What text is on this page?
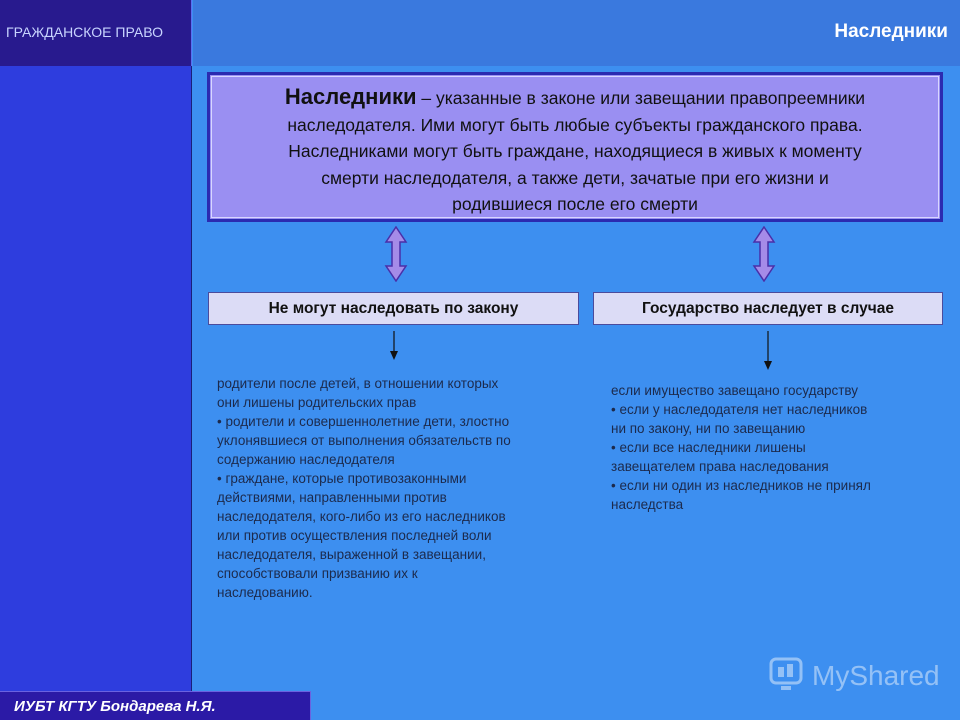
ГРАЖДАНСКОЕ ПРАВО	Наследники
Наследники – указанные в законе или завещании правопреемники
наследодателя. Ими могут быть любые субъекты гражданского права.
Наследниками могут быть граждане, находящиеся в живых к моменту
смерти наследодателя, а также дети, зачатые при его жизни и
родившиеся после его смерти
Не могут наследовать по закону	Государство наследует в случае

родители после детей, в отношении которых

они лишены родительских прав

• родители и совершеннолетние дети, злостно

уклонявшиеся от выполнения обязательств по

содержанию наследодателя

• граждане, которые противозаконными

действиями, направленными против

наследодателя, кого-либо из его наследников

или против осуществления последней воли

наследодателя, выраженной в завещании,

способствовали призванию их к

наследованию.

если имущество завещано государству

• если у наследодателя нет наследников

ни по закону, ни по завещанию

• если все наследники лишены

завещателем права наследования

• если ни один из наследников не принял

наследства

ИУБТ КГТУ Бондарева Н.Я.
MyShared
